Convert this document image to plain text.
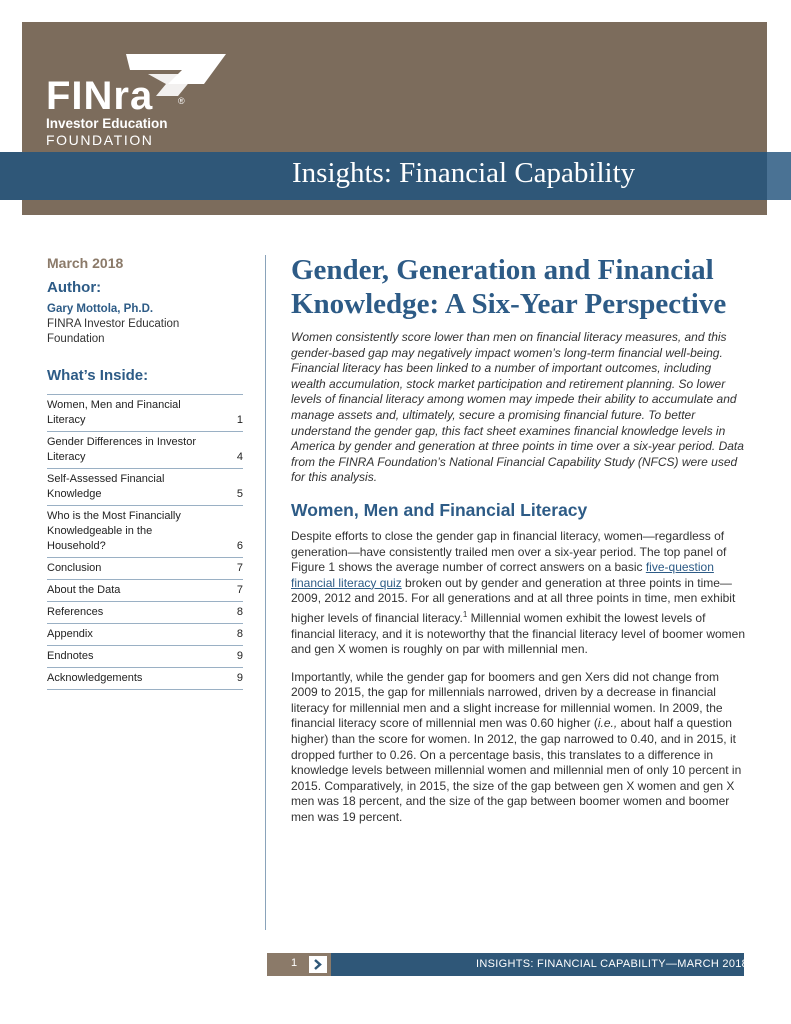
Insights: Financial Capability
FINra	®
Investor Education
FOUNDATION

March 2018

Author:

Gary Mottola, Ph.D.

FINRA Investor Education

Foundation

What’s Inside:

Women, Men and Financial Literacy	1
Gender Differences in Investor Literacy	4
Self-Assessed Financial Knowledge	5
Who is the Most Financially Knowledgeable in the Household?	6
Conclusion	7
About the Data	7
References	8
Appendix	8
Endnotes	9
Acknowledgements	9
Gender, Generation and Financial Knowledge: A Six-Year Perspective

Women consistently score lower than men on financial literacy measures, and this gender-based gap may negatively impact women’s long-term financial well-being. Financial literacy has been linked to a number of important outcomes, including wealth accumulation, stock market participation and retirement planning. So lower levels of financial literacy among women may impede their ability to accumulate and manage assets and, ultimately, secure a promising financial future. To better understand the gender gap, this fact sheet examines financial knowledge levels in America by gender and generation at three points in time over a six-year period. Data from the FINRA Foundation’s National Financial Capability Study (NFCS) were used for this analysis.

Women, Men and Financial Literacy

Despite efforts to close the gender gap in financial literacy, women—regardless of generation—have consistently trailed men over a six-year period. The top panel of Figure 1 shows the average number of correct answers on a basic five-question financial literacy quiz broken out by gender and generation at three points in time—2009, 2012 and 2015. For all generations and at all three points in time, men exhibit higher levels of financial literacy.$^1$ Millennial women exhibit the lowest levels of financial literacy, and it is noteworthy that the financial literacy level of boomer women and gen X women is roughly on par with millennial men.

Importantly, while the gender gap for boomers and gen Xers did not change from 2009 to 2015, the gap for millennials narrowed, driven by a decrease in financial literacy for millennial men and a slight increase for millennial women. In 2009, the financial literacy score of millennial men was 0.60 higher (i.e., about half a question higher) than the score for women. In 2012, the gap narrowed to 0.40, and in 2015, it dropped further to 0.26. On a percentage basis, this translates to a difference in knowledge levels between millennial women and millennial men of only 10 percent in 2015. Comparatively, in 2015, the size of the gap between gen X women and gen X men was 18 percent, and the size of the gap between boomer women and boomer men was 19 percent.

1	INSIGHTS: FINANCIAL CAPABILITY—MARCH 2018
